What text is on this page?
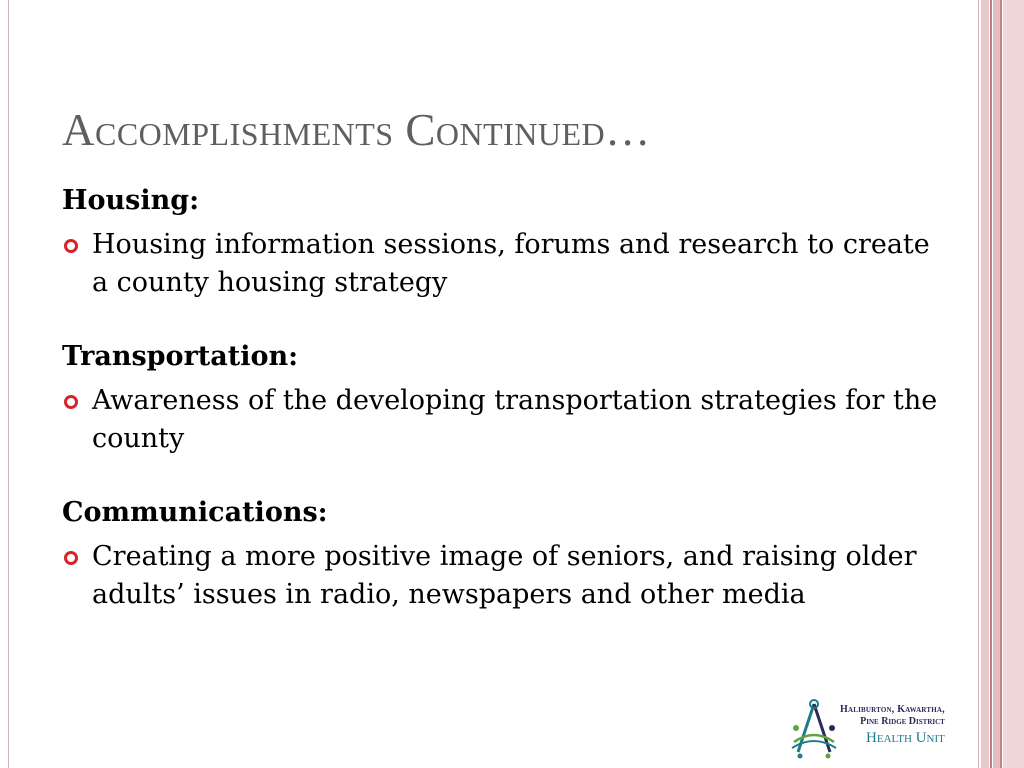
Accomplishments Continued…

Housing:

Housing information sessions, forums and research to create a county housing strategy

Transportation:

Awareness of the developing transportation strategies for the county

Communications:

Creating a more positive image of seniors, and raising older adults’ issues in radio, newspapers and other media
Haliburton, Kawartha,
Pine Ridge District
Health Unit
